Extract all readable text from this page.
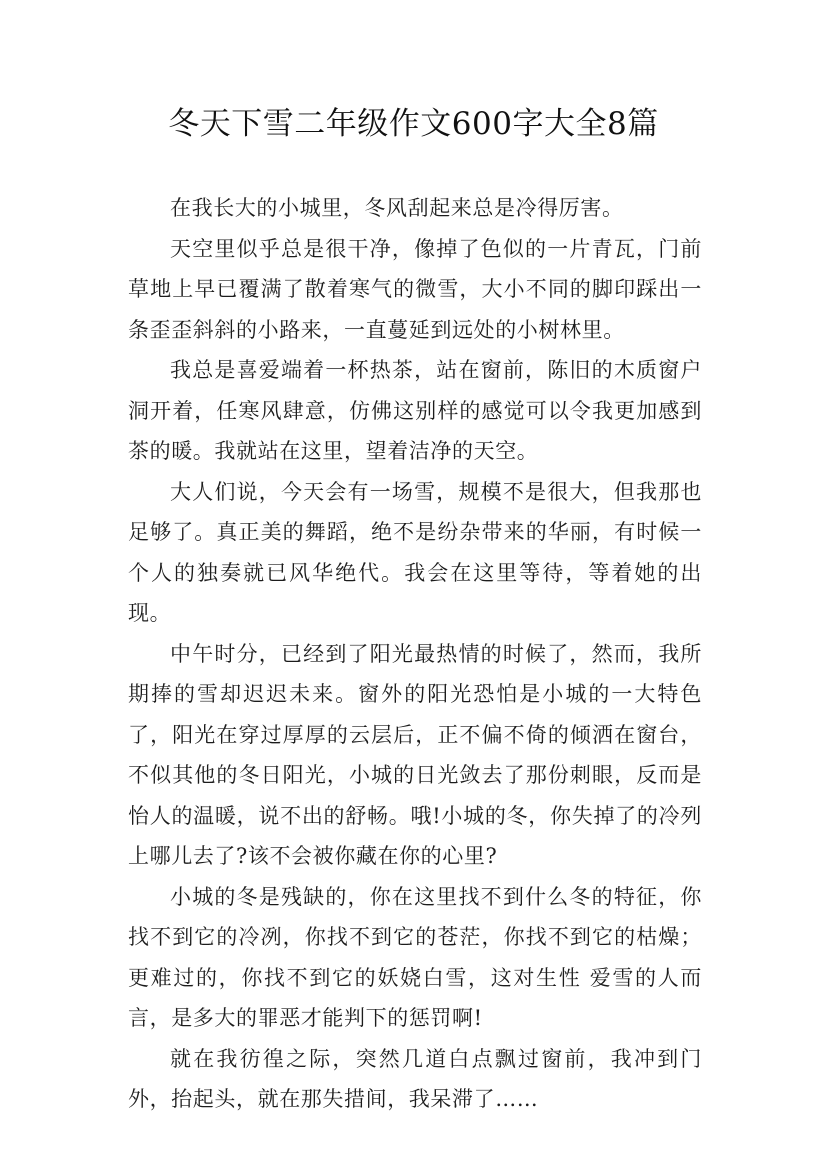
冬天下雪二年级作文600字大全8篇

在我长大的小城里，冬风刮起来总是冷得厉害。

天空里似乎总是很干净，像掉了色似的一片青瓦，门前草地上早已覆满了散着寒气的微雪，大小不同的脚印踩出一条歪歪斜斜的小路来，一直蔓延到远处的小树林里。

我总是喜爱端着一杯热茶，站在窗前，陈旧的木质窗户洞开着，任寒风肆意，仿佛这别样的感觉可以令我更加感到茶的暖。我就站在这里，望着洁净的天空。

大人们说，今天会有一场雪，规模不是很大，但我那也足够了。真正美的舞蹈，绝不是纷杂带来的华丽，有时候一个人的独奏就已风华绝代。我会在这里等待，等着她的出现。

中午时分，已经到了阳光最热情的时候了，然而，我所期捧的雪却迟迟未来。窗外的阳光恐怕是小城的一大特色了，阳光在穿过厚厚的云层后，正不偏不倚的倾洒在窗台，不似其他的冬日阳光，小城的日光敛去了那份刺眼，反而是怡人的温暖，说不出的舒畅。哦!小城的冬，你失掉了的冷列上哪儿去了?该不会被你藏在你的心里?

小城的冬是残缺的，你在这里找不到什么冬的特征，你找不到它的冷冽，你找不到它的苍茫，你找不到它的枯燥；更难过的，你找不到它的妖娆白雪，这对生性 爱雪的人而言，是多大的罪恶才能判下的惩罚啊!

就在我彷徨之际，突然几道白点飘过窗前，我冲到门外，抬起头，就在那失措间，我呆滞了……
